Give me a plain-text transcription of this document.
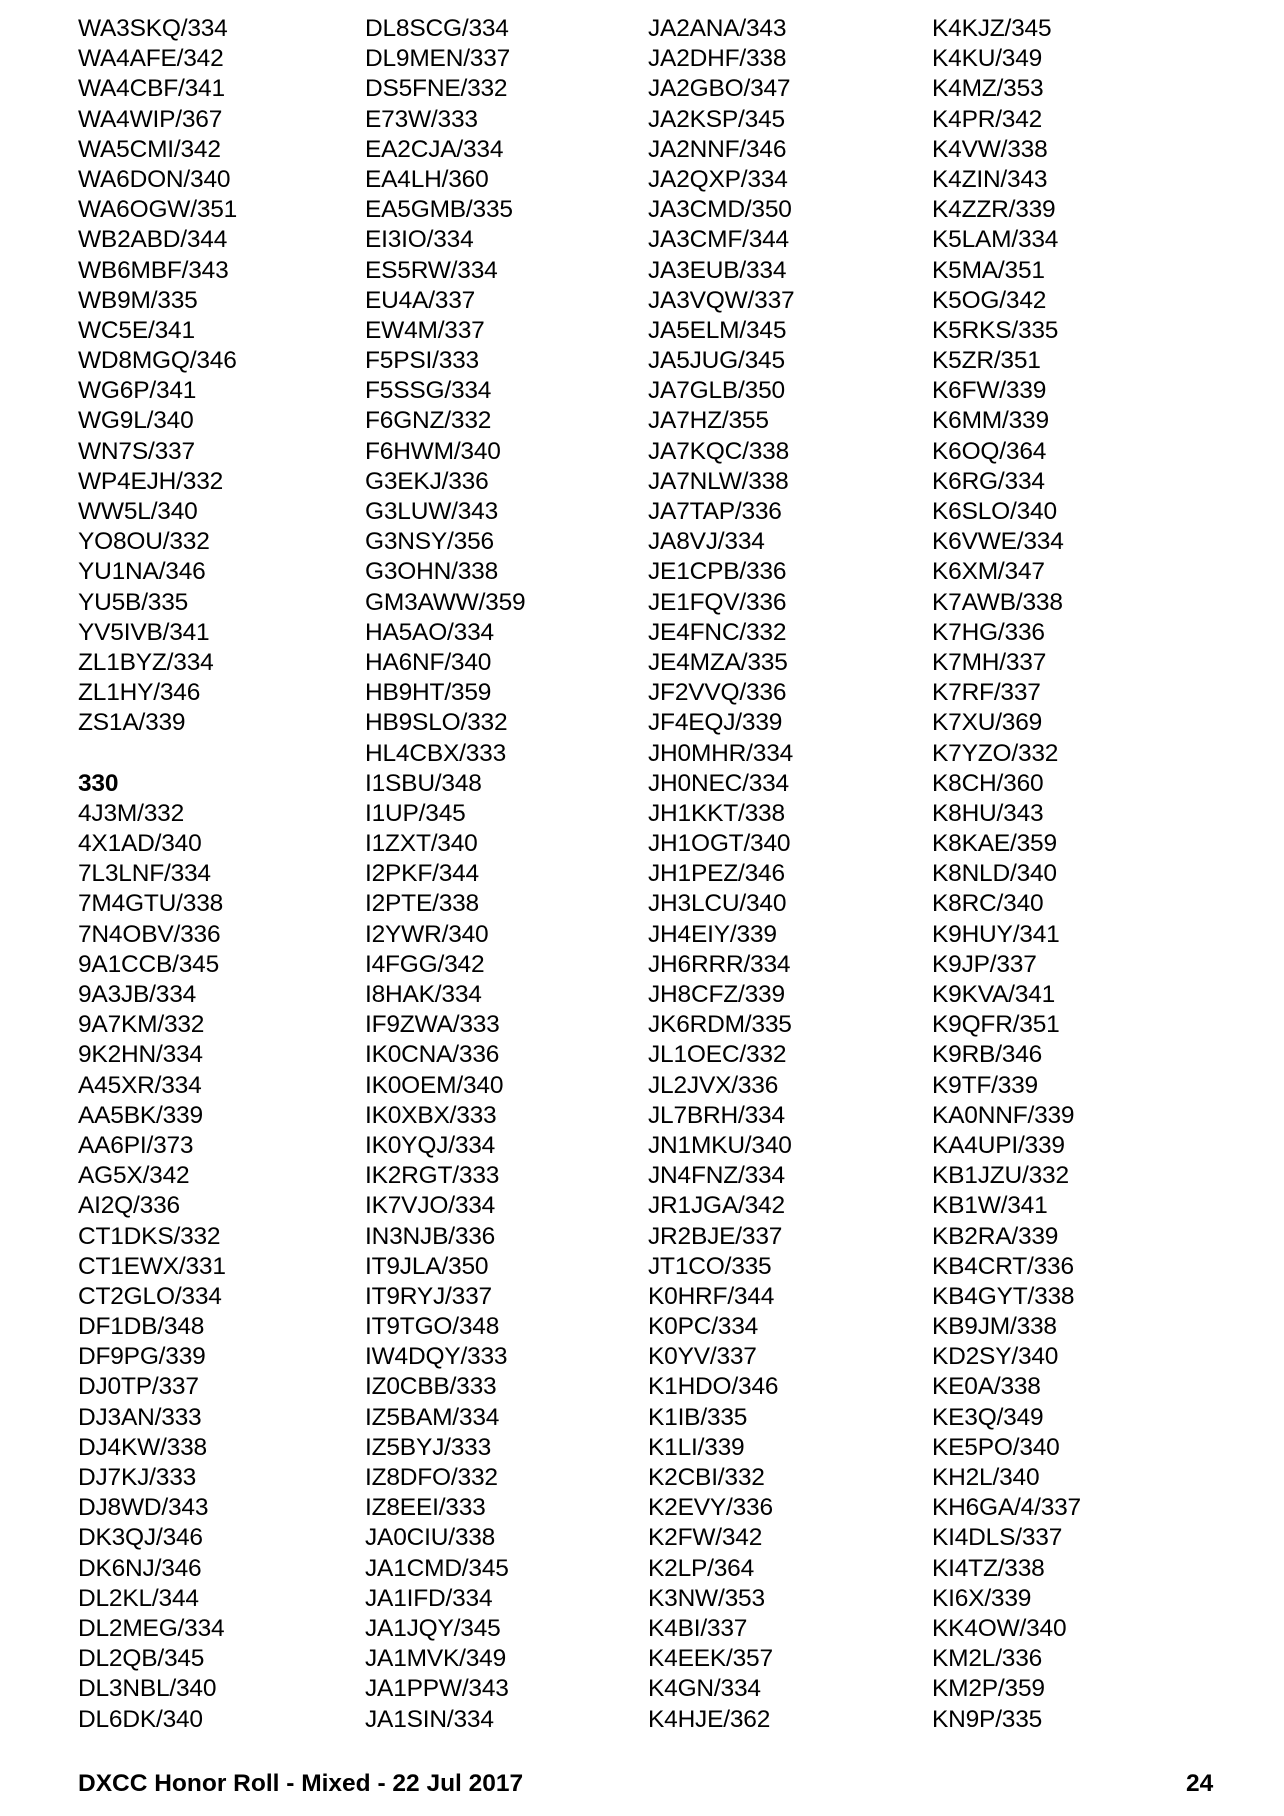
WA3SKQ/334
WA4AFE/342
WA4CBF/341
WA4WIP/367
WA5CMI/342
WA6DON/340
WA6OGW/351
WB2ABD/344
WB6MBF/343
WB9M/335
WC5E/341
WD8MGQ/346
WG6P/341
WG9L/340
WN7S/337
WP4EJH/332
WW5L/340
YO8OU/332
YU1NA/346
YU5B/335
YV5IVB/341
ZL1BYZ/334
ZL1HY/346
ZS1A/339
330
4J3M/332
4X1AD/340
7L3LNF/334
7M4GTU/338
7N4OBV/336
9A1CCB/345
9A3JB/334
9A7KM/332
9K2HN/334
A45XR/334
AA5BK/339
AA6PI/373
AG5X/342
AI2Q/336
CT1DKS/332
CT1EWX/331
CT2GLO/334
DF1DB/348
DF9PG/339
DJ0TP/337
DJ3AN/333
DJ4KW/338
DJ7KJ/333
DJ8WD/343
DK3QJ/346
DK6NJ/346
DL2KL/344
DL2MEG/334
DL2QB/345
DL3NBL/340
DL6DK/340
DL8SCG/334
DL9MEN/337
DS5FNE/332
E73W/333
EA2CJA/334
EA4LH/360
EA5GMB/335
EI3IO/334
ES5RW/334
EU4A/337
EW4M/337
F5PSI/333
F5SSG/334
F6GNZ/332
F6HWM/340
G3EKJ/336
G3LUW/343
G3NSY/356
G3OHN/338
GM3AWW/359
HA5AO/334
HA6NF/340
HB9HT/359
HB9SLO/332
HL4CBX/333
I1SBU/348
I1UP/345
I1ZXT/340
I2PKF/344
I2PTE/338
I2YWR/340
I4FGG/342
I8HAK/334
IF9ZWA/333
IK0CNA/336
IK0OEM/340
IK0XBX/333
IK0YQJ/334
IK2RGT/333
IK7VJO/334
IN3NJB/336
IT9JLA/350
IT9RYJ/337
IT9TGO/348
IW4DQY/333
IZ0CBB/333
IZ5BAM/334
IZ5BYJ/333
IZ8DFO/332
IZ8EEI/333
JA0CIU/338
JA1CMD/345
JA1IFD/334
JA1JQY/345
JA1MVK/349
JA1PPW/343
JA1SIN/334
JA2ANA/343
JA2DHF/338
JA2GBO/347
JA2KSP/345
JA2NNF/346
JA2QXP/334
JA3CMD/350
JA3CMF/344
JA3EUB/334
JA3VQW/337
JA5ELM/345
JA5JUG/345
JA7GLB/350
JA7HZ/355
JA7KQC/338
JA7NLW/338
JA7TAP/336
JA8VJ/334
JE1CPB/336
JE1FQV/336
JE4FNC/332
JE4MZA/335
JF2VVQ/336
JF4EQJ/339
JH0MHR/334
JH0NEC/334
JH1KKT/338
JH1OGT/340
JH1PEZ/346
JH3LCU/340
JH4EIY/339
JH6RRR/334
JH8CFZ/339
JK6RDM/335
JL1OEC/332
JL2JVX/336
JL7BRH/334
JN1MKU/340
JN4FNZ/334
JR1JGA/342
JR2BJE/337
JT1CO/335
K0HRF/344
K0PC/334
K0YV/337
K1HDO/346
K1IB/335
K1LI/339
K2CBI/332
K2EVY/336
K2FW/342
K2LP/364
K3NW/353
K4BI/337
K4EEK/357
K4GN/334
K4HJE/362
K4KJZ/345
K4KU/349
K4MZ/353
K4PR/342
K4VW/338
K4ZIN/343
K4ZZR/339
K5LAM/334
K5MA/351
K5OG/342
K5RKS/335
K5ZR/351
K6FW/339
K6MM/339
K6OQ/364
K6RG/334
K6SLO/340
K6VWE/334
K6XM/347
K7AWB/338
K7HG/336
K7MH/337
K7RF/337
K7XU/369
K7YZO/332
K8CH/360
K8HU/343
K8KAE/359
K8NLD/340
K8RC/340
K9HUY/341
K9JP/337
K9KVA/341
K9QFR/351
K9RB/346
K9TF/339
KA0NNF/339
KA4UPI/339
KB1JZU/332
KB1W/341
KB2RA/339
KB4CRT/336
KB4GYT/338
KB9JM/338
KD2SY/340
KE0A/338
KE3Q/349
KE5PO/340
KH2L/340
KH6GA/4/337
KI4DLS/337
KI4TZ/338
KI6X/339
KK4OW/340
KM2L/336
KM2P/359
KN9P/335
DXCC Honor Roll - Mixed - 22 Jul 2017	24
